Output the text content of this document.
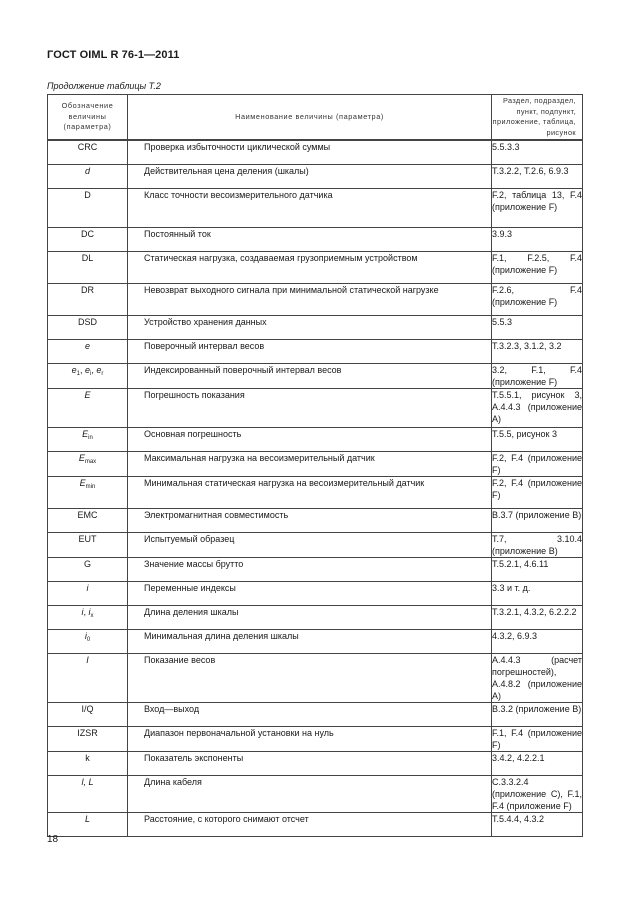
ГОСТ OIML R 76-1—2011
Продолжение таблицы Т.2
Обозначение величины (параметра)	Наименование величины (параметра)	Раздел, подраздел, пункт, подпункт, приложение, таблица, рисунок

CRC	Проверка избыточности циклической суммы	5.5.3.3
d	Действительная цена деления (шкалы)	Т.3.2.2, Т.2.6, 6.9.3
D	Класс точности весоизмерительного датчика	F.2, таблица 13, F.4 (приложение F)
DC	Постоянный ток	3.9.3
DL	Статическая нагрузка, создаваемая грузоприемным устройством	F.1, F.2.5, F.4 (приложение F)
DR	Невозврат выходного сигнала при минимальной статической нагрузке	F.2.6, F.4 (приложение F)
DSD	Устройство хранения данных	5.5.3
e	Поверочный интервал весов	Т.3.2.3, 3.1.2, 3.2
$e_1$, $e_i$, $e_r$	Индексированный поверочный интервал весов	3.2, F.1, F.4 (приложение F)
E	Погрешность показания	Т.5.5.1, рисунок 3, А.4.4.3 (приложение А)
$E_{in}$	Основная погрешность	Т.5.5, рисунок 3
$E_{max}$	Максимальная нагрузка на весоизмерительный датчик	F.2, F.4 (приложение F)
$E_{min}$	Минимальная статическая нагрузка на весоизмерительный датчик	F.2, F.4 (приложение F)
EMC	Электромагнитная совместимость	В.3.7 (приложение В)
EUT	Испытуемый образец	Т.7, 3.10.4 (приложение В)
G	Значение массы брутто	Т.5.2.1, 4.6.11
i	Переменные индексы	3.3 и т. д.
i, $i_x$	Длина деления шкалы	Т.3.2.1, 4.3.2, 6.2.2.2
$i_0$	Минимальная длина деления шкалы	4.3.2, 6.9.3
I	Показание весов	А.4.4.3 (расчет погрешностей), А.4.8.2 (приложение А)
I/Q	Вход—выход	В.3.2 (приложение В)
IZSR	Диапазон первоначальной установки на нуль	F.1, F.4 (приложение F)
k	Показатель экспоненты	3.4.2, 4.2.2.1
l, L	Длина кабеля	С.3.3.2.4 (приложение С), F.1, F.4 (приложение F)
L	Расстояние, с которого снимают отсчет	Т.5.4.4, 4.3.2
18
